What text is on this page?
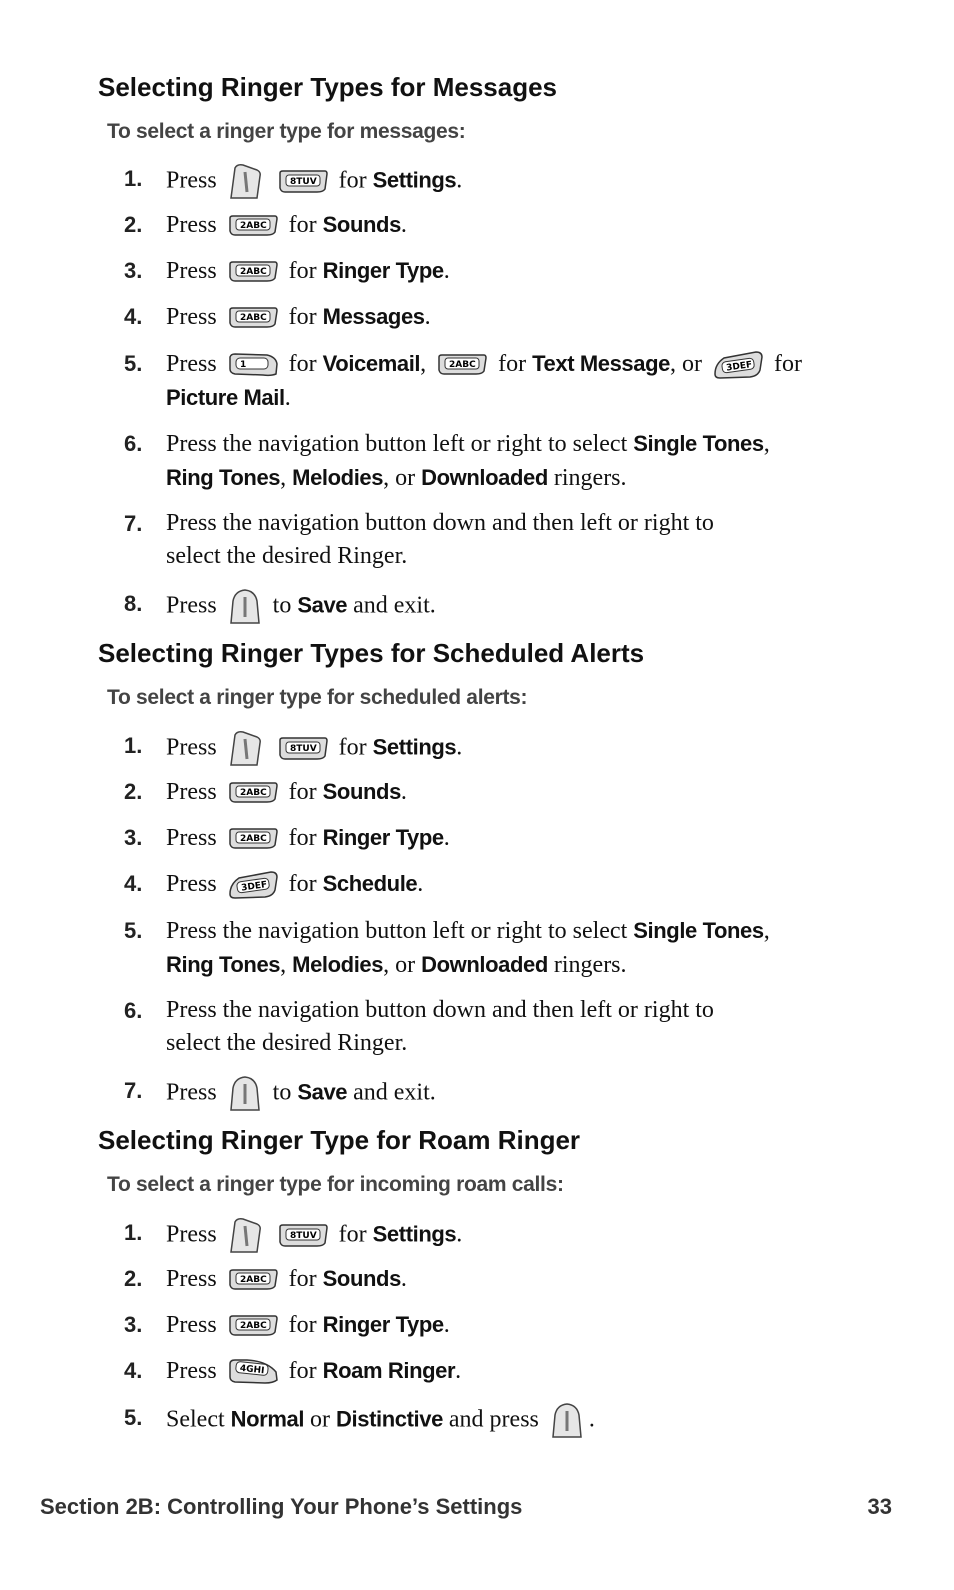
Selecting Ringer Types for Messages

To select a ringer type for messages:

1. Press
	8TUV for Settings.
2. Press	2ABC for Sounds.
3. Press	2ABC for Ringer Type.
4. Press	2ABC for Messages.
5. Press	1 for Voicemail,	2ABC for Text Message, or	3DEF for
Picture Mail.
6. Press the navigation button left or right to select Single Tones,
Ring Tones, Melodies, or Downloaded ringers.
7. Press the navigation button down and then left or right to
select the desired Ringer.
8. Press to Save and exit.
Selecting Ringer Types for Scheduled Alerts

To select a ringer type for scheduled alerts:

1. Press
	8TUV for Settings.
2. Press	2ABC for Sounds.
3. Press	2ABC for Ringer Type.
4. Press	3DEF for Schedule.
5. Press the navigation button left or right to select Single Tones,
Ring Tones, Melodies, or Downloaded ringers.
6. Press the navigation button down and then left or right to
select the desired Ringer.
7. Press to Save and exit.
Selecting Ringer Type for Roam Ringer

To select a ringer type for incoming roam calls:

1. Press
	8TUV for Settings.
2. Press	2ABC for Sounds.
3. Press	2ABC for Ringer Type.
4. Press 4GHI for Roam Ringer.
5. Select Normal or Distinctive and press .
Section 2B: Controlling Your Phone’s Settings	33
